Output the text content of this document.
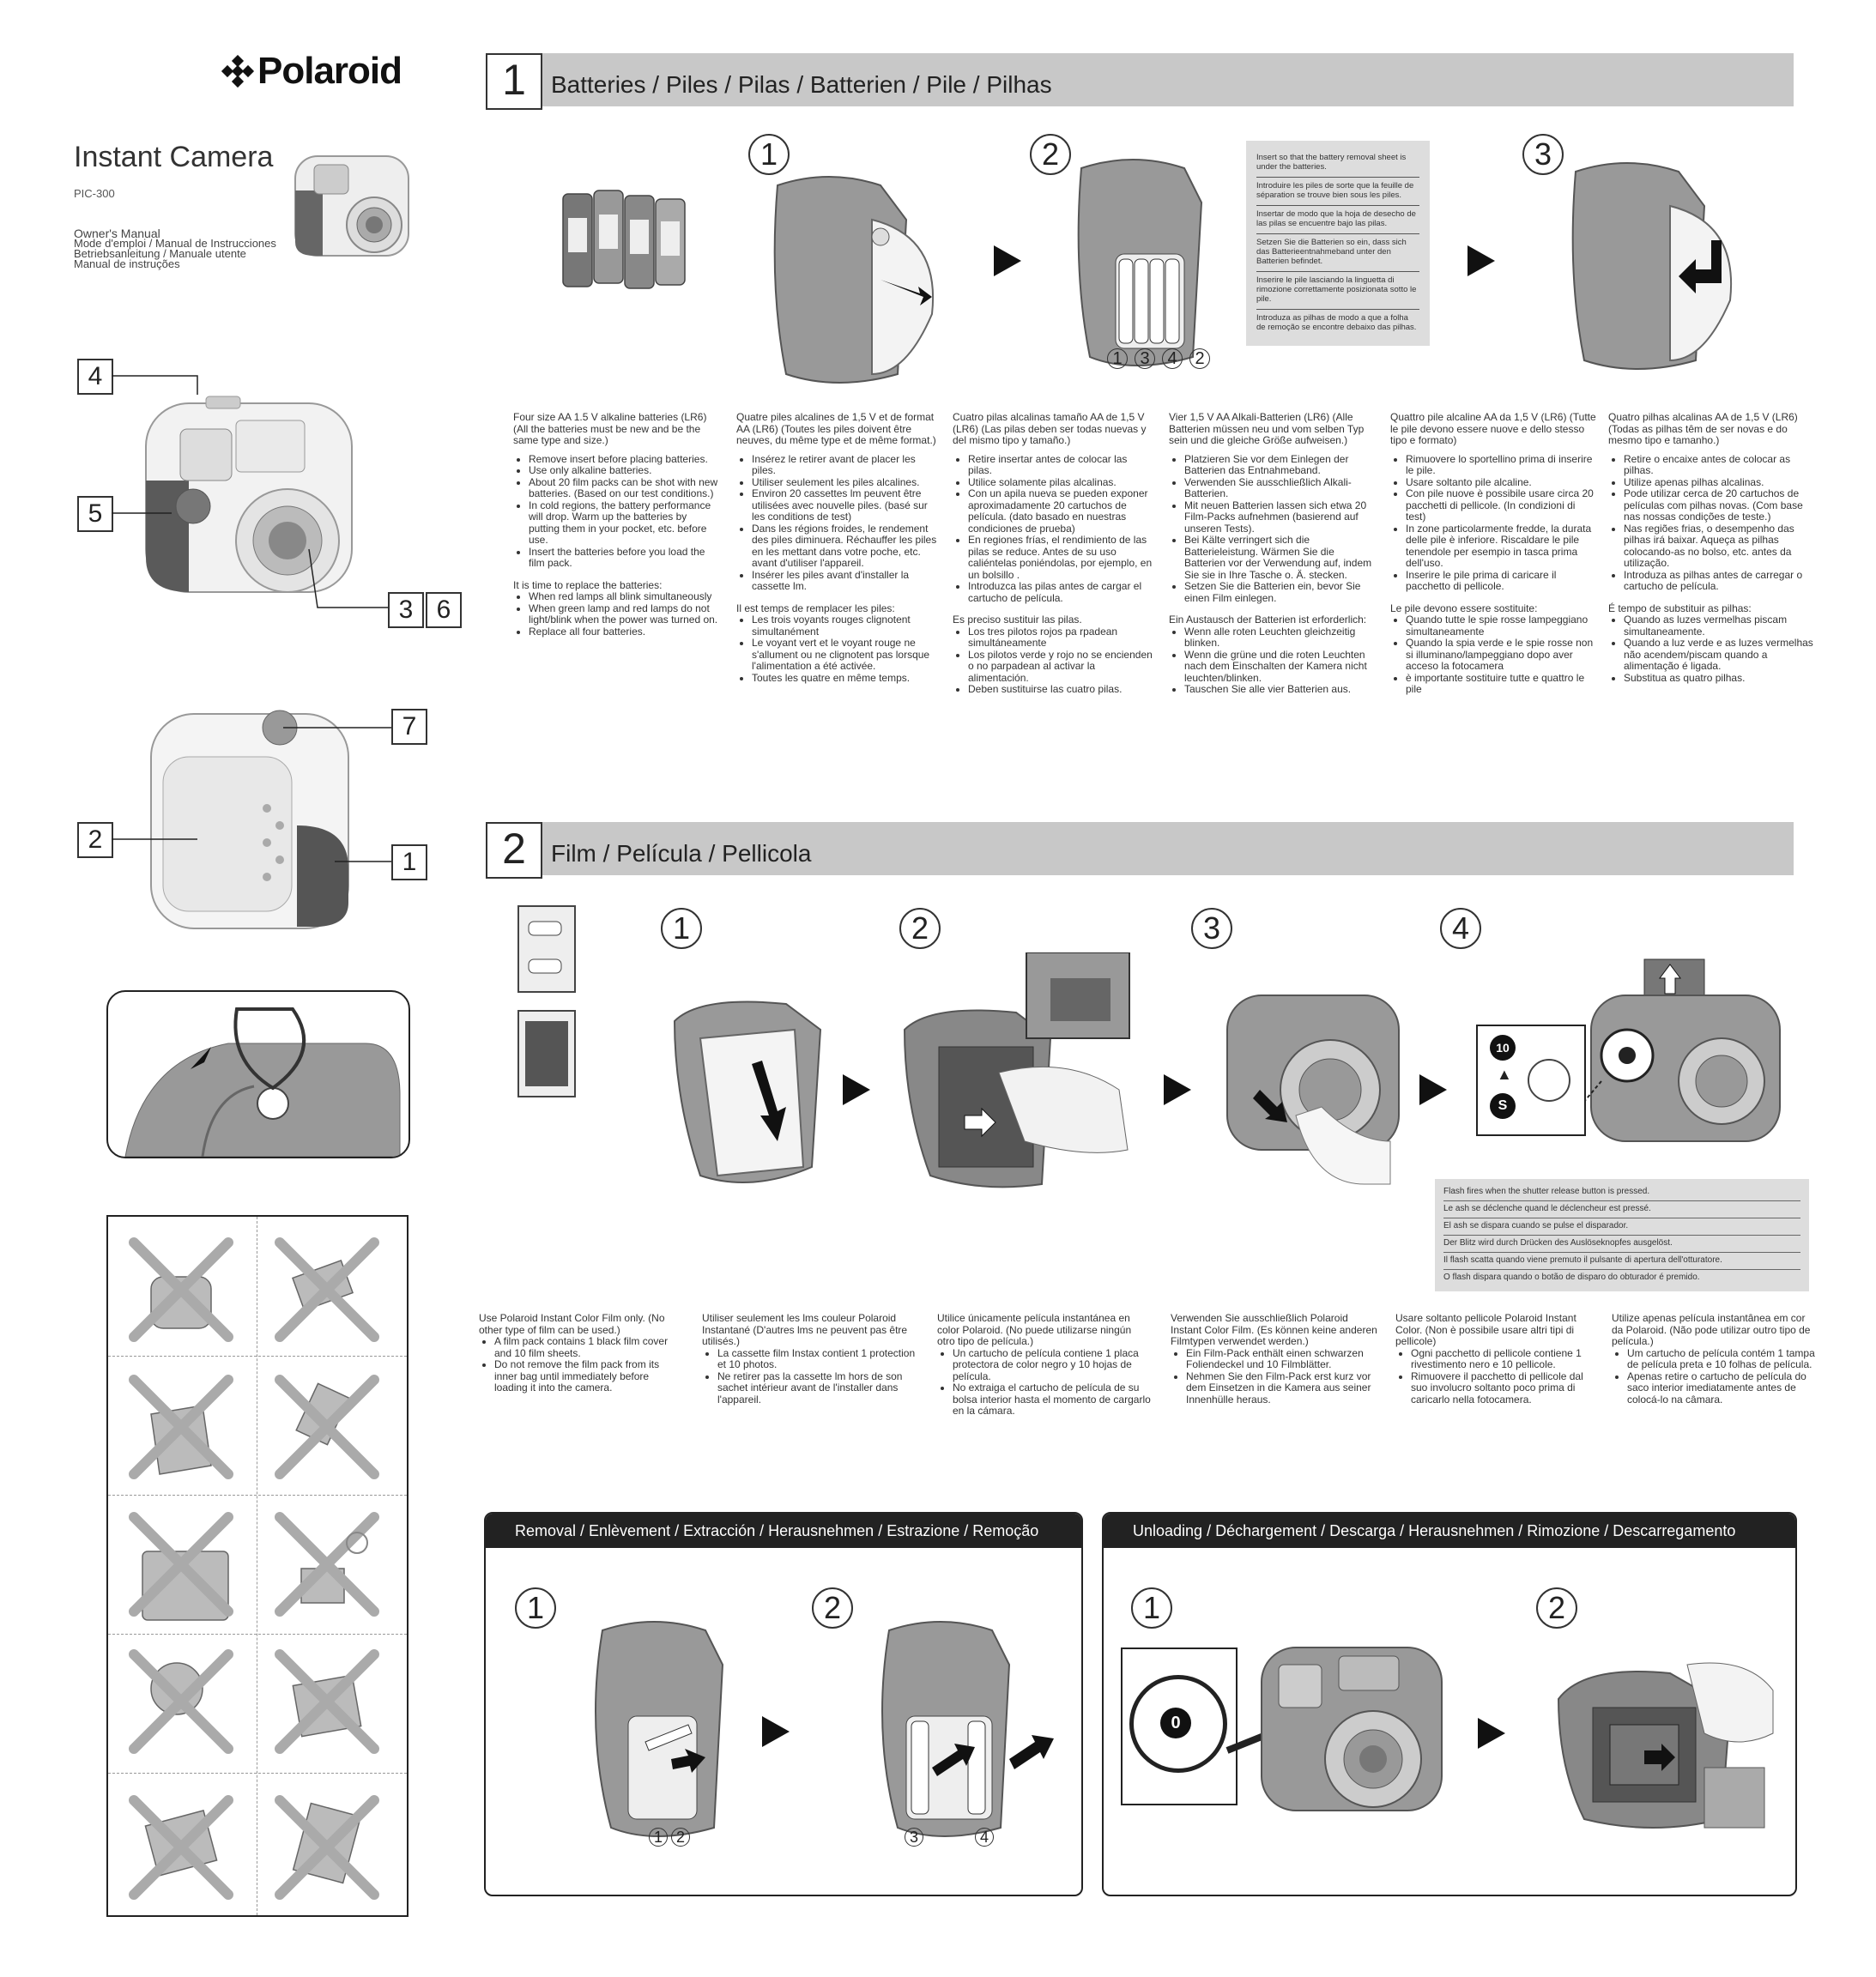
Polaroid
Instant Camera
PIC-300
Owner's Manual
Mode d'emploi / Manual de Instrucciones
Betriebsanleitung / Manuale utente
Manual de instruções
4
5
3 6
7
2
1
1	Batteries / Piles / Pilas / Batterien / Pile / Pilhas
1	2
1 3 4 2
Insert so that the battery removal sheet is under the batteries.
Introduire les piles de sorte que la feuille de séparation se trouve bien sous les piles.
Insertar de modo que la hoja de desecho de las pilas se encuentre bajo las pilas.
Setzen Sie die Batterien so ein, dass sich das Batterieentnahmeband unter den Batterien befindet.
Inserire le pile lasciando la linguetta di rimozione correttamente posizionata sotto le pile.
Introduza as pilhas de modo a que a folha de remoção se encontre debaixo das pilhas.
3

Four size AA 1.5 V alkaline batteries (LR6) (All the batteries must be new and be the same type and size.)

• Remove insert before placing batteries.
• Use only alkaline batteries.
• About 20 film packs can be shot with new batteries. (Based on our test conditions.)
• In cold regions, the battery performance will drop. Warm up the batteries by putting them in your pocket, etc. before use.
• Insert the batteries before you load the film pack.

It is time to replace the batteries:

• When red lamps all blink simultaneously
• When green lamp and red lamps do not light/blink when the power was turned on.
• Replace all four batteries.

Quatre piles alcalines de 1,5 V et de format AA (LR6) (Toutes les piles doivent être neuves, du même type et de même format.)

• Insérez le retirer avant de placer les piles.
• Utiliser seulement les piles alcalines.
• Environ 20 cassettes lm peuvent être utilisées avec nouvelle piles. (basé sur les conditions de test)
• Dans les régions froides, le rendement des piles diminuera. Réchauffer les piles en les mettant dans votre poche, etc. avant d'utiliser l'appareil.
• Insérer les piles avant d'installer la cassette lm.

Il est temps de remplacer les piles:

• Les trois voyants rouges clignotent simultanément
• Le voyant vert et le voyant rouge ne s'allument ou ne clignotent pas lorsque l'alimentation a été activée.
• Toutes les quatre en même temps.

Cuatro pilas alcalinas tamaño AA de 1,5 V (LR6) (Las pilas deben ser todas nuevas y del mismo tipo y tamaño.)

• Retire insertar antes de colocar las pilas.
• Utilice solamente pilas alcalinas.
• Con un apila nueva se pueden exponer aproximadamente 20 cartuchos de película. (dato basado en nuestras condiciones de prueba)
• En regiones frías, el rendimiento de las pilas se reduce. Antes de su uso caliéntelas poniéndolas, por ejemplo, en un bolsillo .
• Introduzca las pilas antes de cargar el cartucho de película.

Es preciso sustituir las pilas.

• Los tres pilotos rojos pa rpadean simultáneamente
• Los pilotos verde y rojo no se encienden o no parpadean al activar la alimentación.
• Deben sustituirse las cuatro pilas.

Vier 1,5 V AA Alkali-Batterien (LR6) (Alle Batterien müssen neu und vom selben Typ sein und die gleiche Größe aufweisen.)

• Platzieren Sie vor dem Einlegen der Batterien das Entnahmeband.
• Verwenden Sie ausschließlich Alkali-Batterien.
• Mit neuen Batterien lassen sich etwa 20 Film-Packs aufnehmen (basierend auf unseren Tests).
• Bei Kälte verringert sich die Batterieleistung. Wärmen Sie die Batterien vor der Verwendung auf, indem Sie sie in Ihre Tasche o. Ä. stecken.
• Setzen Sie die Batterien ein, bevor Sie einen Film einlegen.

Ein Austausch der Batterien ist erforderlich:

• Wenn alle roten Leuchten gleichzeitig blinken.
• Wenn die grüne und die roten Leuchten nach dem Einschalten der Kamera nicht leuchten/blinken.
• Tauschen Sie alle vier Batterien aus.

Quattro pile alcaline AA da 1,5 V (LR6) (Tutte le pile devono essere nuove e dello stesso tipo e formato)

• Rimuovere lo sportellino prima di inserire le pile.
• Usare soltanto pile alcaline.
• Con pile nuove è possibile usare circa 20 pacchetti di pellicole. (In condizioni di test)
• In zone particolarmente fredde, la durata delle pile è inferiore. Riscaldare le pile tenendole per esempio in tasca prima dell'uso.
• Inserire le pile prima di caricare il pacchetto di pellicole.

Le pile devono essere sostituite:

• Quando tutte le spie rosse lampeggiano simultaneamente
• Quando la spia verde e le spie rosse non si illuminano/lampeggiano dopo aver acceso la fotocamera
• è importante sostituire tutte e quattro le pile

Quatro pilhas alcalinas AA de 1,5 V (LR6) (Todas as pilhas têm de ser novas e do mesmo tipo e tamanho.)

• Retire o encaixe antes de colocar as pilhas.
• Utilize apenas pilhas alcalinas.
• Pode utilizar cerca de 20 cartuchos de películas com pilhas novas. (Com base nas nossas condições de teste.)
• Nas regiões frias, o desempenho das pilhas irá baixar. Aqueça as pilhas colocando-as no bolso, etc. antes da utilização.
• Introduza as pilhas antes de carregar o cartucho de película.

É tempo de substituir as pilhas:

• Quando as luzes vermelhas piscam simultaneamente.
• Quando a luz verde e as luzes vermelhas não acendem/piscam quando a alimentação é ligada.
• Substitua as quatro pilhas.
2	Film / Película / Pellicola
1	2	3	4
10
▲
S
Flash fires when the shutter release button is pressed.
Le ash se déclenche quand le déclencheur est pressé.
El ash se dispara cuando se pulse el disparador.
Der Blitz wird durch Drücken des Auslöseknopfes ausgelöst.
Il flash scatta quando viene premuto il pulsante di apertura dell'otturatore.
O flash dispara quando o botão de disparo do obturador é premido.

Use Polaroid Instant Color Film only. (No other type of film can be used.)

• A film pack contains 1 black film cover and 10 film sheets.
• Do not remove the film pack from its inner bag until immediately before loading it into the camera.

Utiliser seulement les lms couleur Polaroid Instantané (D'autres lms ne peuvent pas être utilisés.)

• La cassette film Instax contient 1 protection et 10 photos.
• Ne retirer pas la cassette lm hors de son sachet intérieur avant de l'installer dans l'appareil.

Utilice únicamente película instantánea en color Polaroid. (No puede utilizarse ningún otro tipo de película.)

• Un cartucho de película contiene 1 placa protectora de color negro y 10 hojas de película.
• No extraiga el cartucho de película de su bolsa interior hasta el momento de cargarlo en la cámara.

Verwenden Sie ausschließlich Polaroid Instant Color Film. (Es können keine anderen Filmtypen verwendet werden.)

• Ein Film-Pack enthält einen schwarzen Foliendeckel und 10 Filmblätter.
• Nehmen Sie den Film-Pack erst kurz vor dem Einsetzen in die Kamera aus seiner Innenhülle heraus.

Usare soltanto pellicole Polaroid Instant Color. (Non è possibile usare altri tipi di pellicole)

• Ogni pacchetto di pellicole contiene 1 rivestimento nero e 10 pellicole.
• Rimuovere il pacchetto di pellicole dal suo involucro soltanto poco prima di caricarlo nella fotocamera.

Utilize apenas película instantânea em cor da Polaroid. (Não pode utilizar outro tipo de película.)

• Um cartucho de película contém 1 tampa de película preta e 10 folhas de película.
• Apenas retire o cartucho de película do saco interior imediatamente antes de colocá-lo na câmara.
Removal / Enlèvement / Extracción / Herausnehmen / Estrazione / Remoção
1	2
1 2	3	4
Unloading / Déchargement / Descarga / Herausnehmen / Rimozione / Descarregamento
1	2
0
